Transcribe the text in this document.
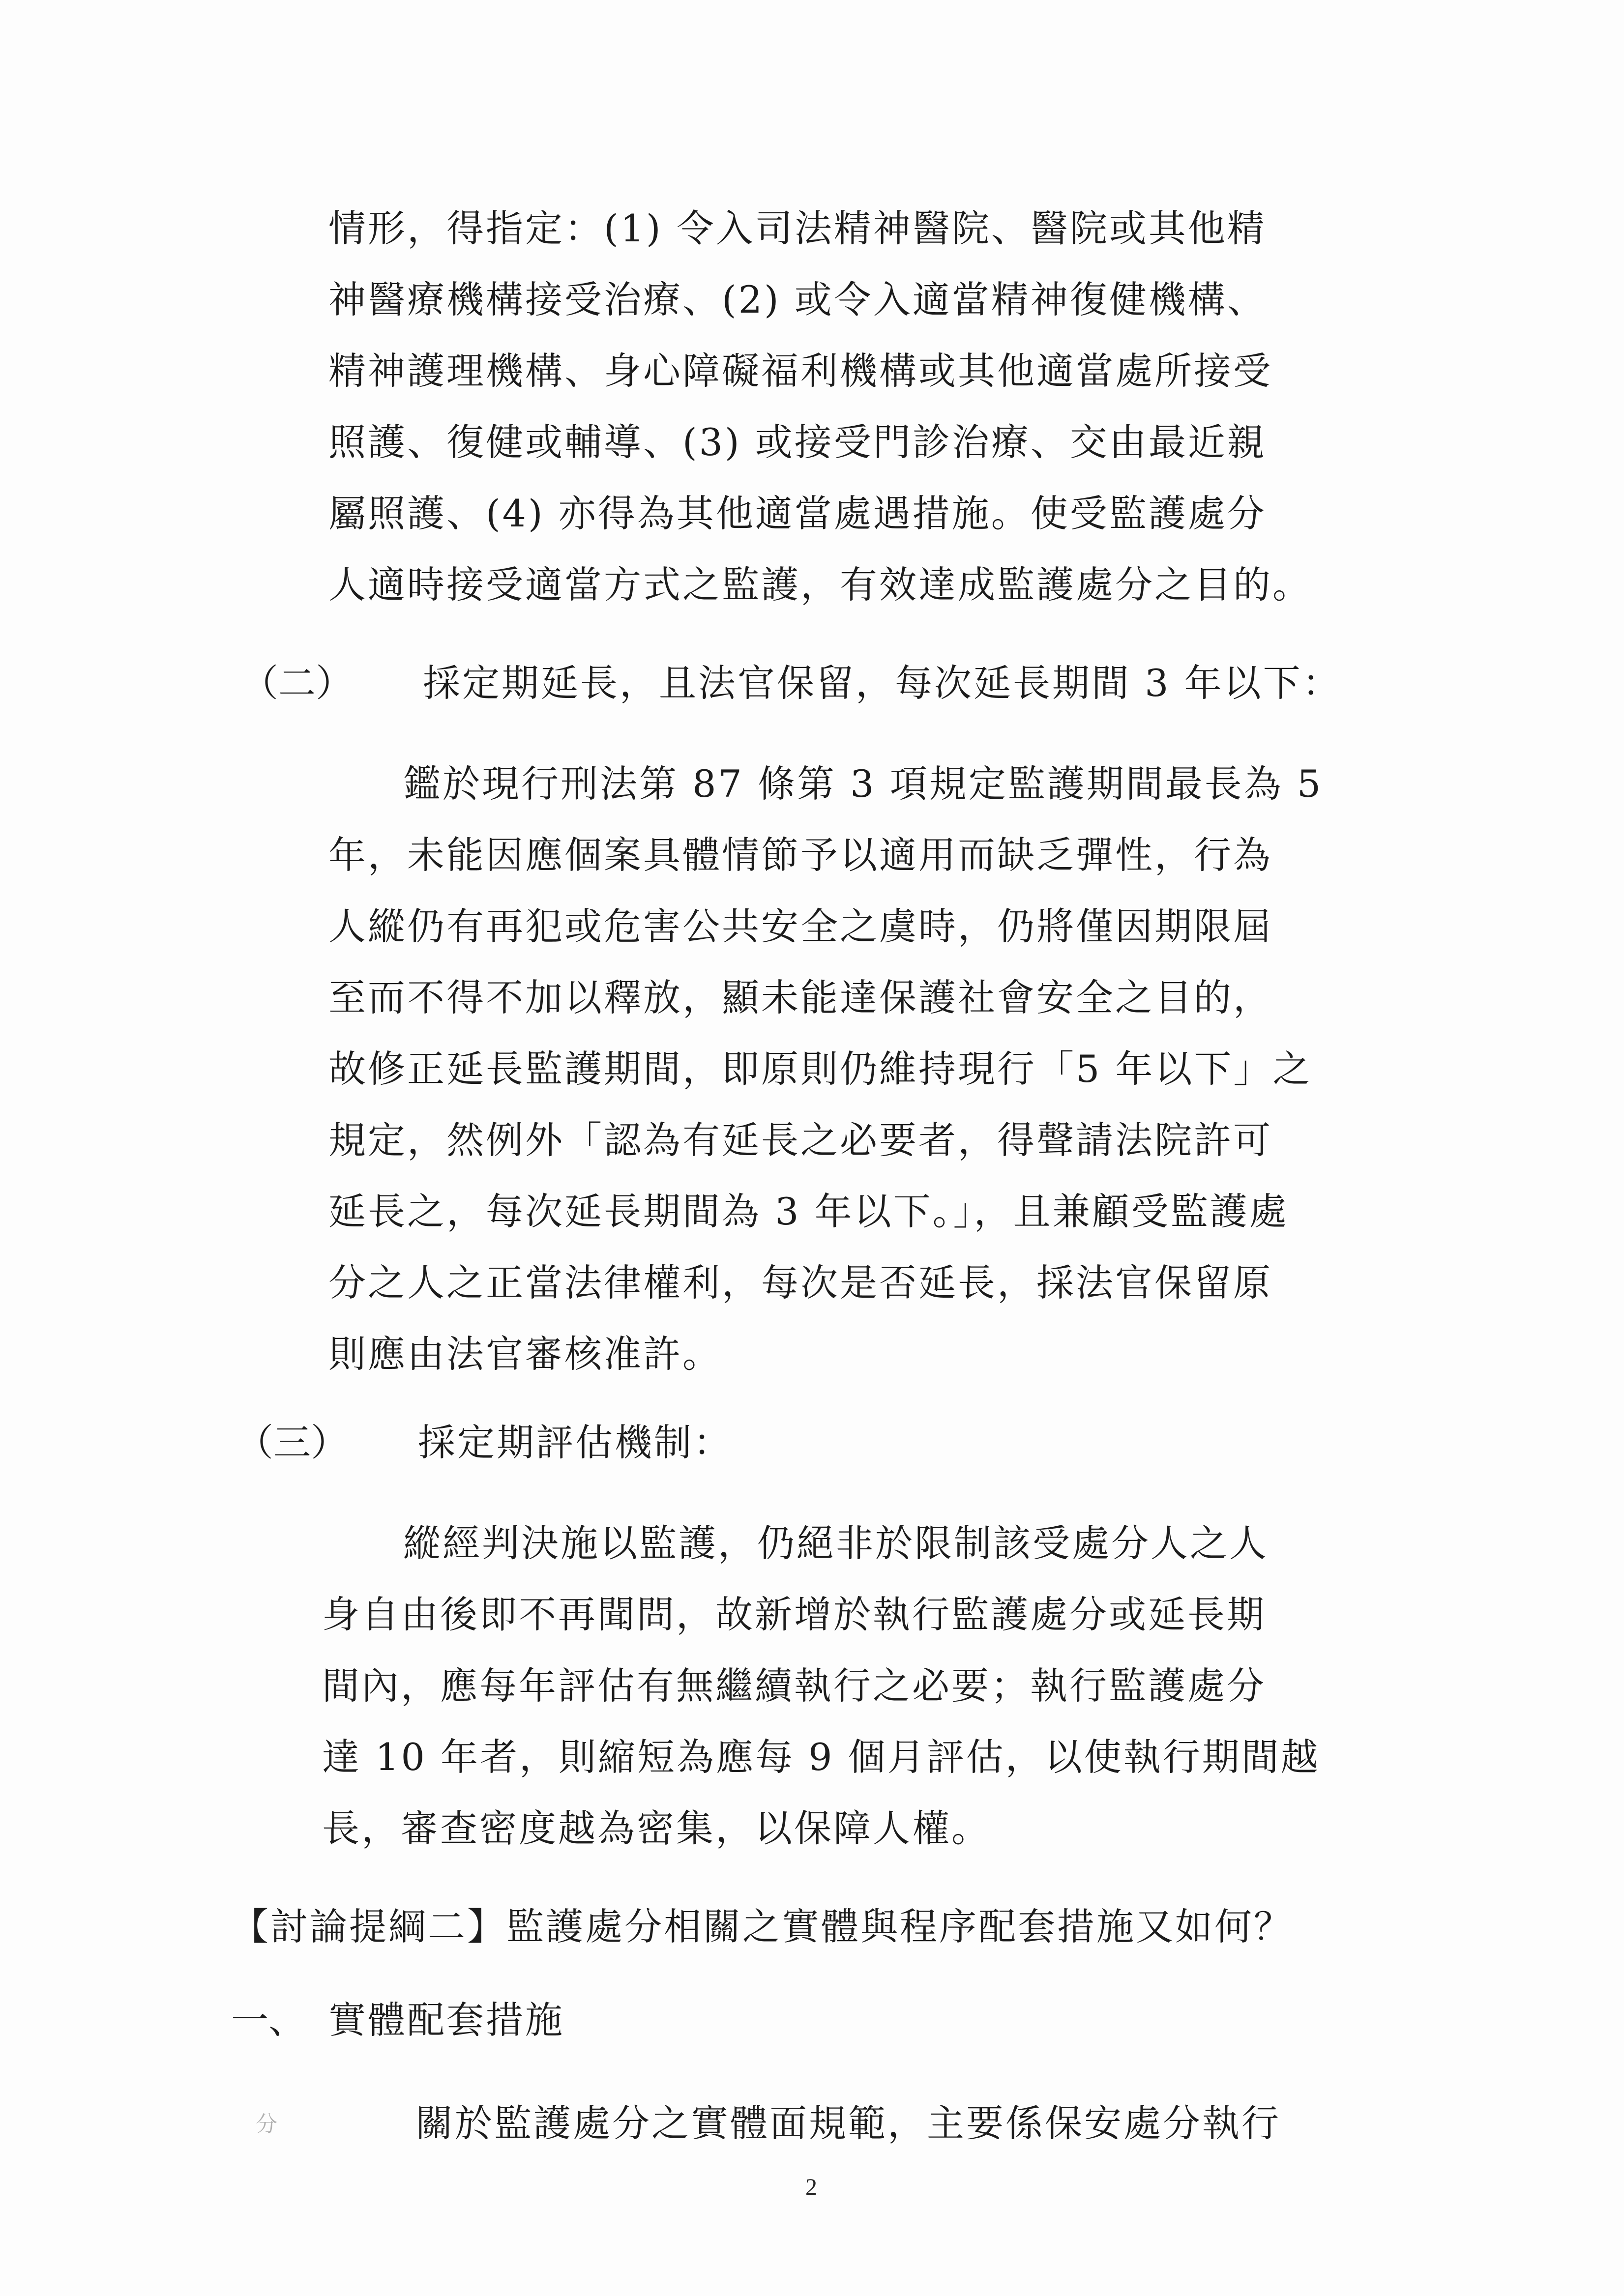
情形，得指定：(1) 令入司法精神醫院、醫院或其他精
神醫療機構接受治療、(2) 或令入適當精神復健機構、
精神護理機構、身心障礙福利機構或其他適當處所接受
照護、復健或輔導、(3) 或接受門診治療、交由最近親
屬照護、(4) 亦得為其他適當處遇措施。使受監護處分
人適時接受適當方式之監護，有效達成監護處分之目的。
（二） 採定期延長，且法官保留，每次延長期間 3 年以下：
鑑於現行刑法第 87 條第 3 項規定監護期間最長為 5
年，未能因應個案具體情節予以適用而缺乏彈性，行為
人縱仍有再犯或危害公共安全之虞時，仍將僅因期限屆
至而不得不加以釋放，顯未能達保護社會安全之目的，
故修正延長監護期間，即原則仍維持現行「5 年以下」之
規定，然例外「認為有延長之必要者，得聲請法院許可
延長之，每次延長期間為 3 年以下。」，且兼顧受監護處
分之人之正當法律權利，每次是否延長，採法官保留原
則應由法官審核准許。
（三） 採定期評估機制：
縱經判決施以監護，仍絕非於限制該受處分人之人
身自由後即不再聞問，故新增於執行監護處分或延長期
間內，應每年評估有無繼續執行之必要；執行監護處分
達 10 年者，則縮短為應每 9 個月評估，以使執行期間越
長，審查密度越為密集，以保障人權。
【討論提綱二】監護處分相關之實體與程序配套措施又如何？
一、 實體配套措施
分	關於監護處分之實體面規範，主要係保安處分執行
2
